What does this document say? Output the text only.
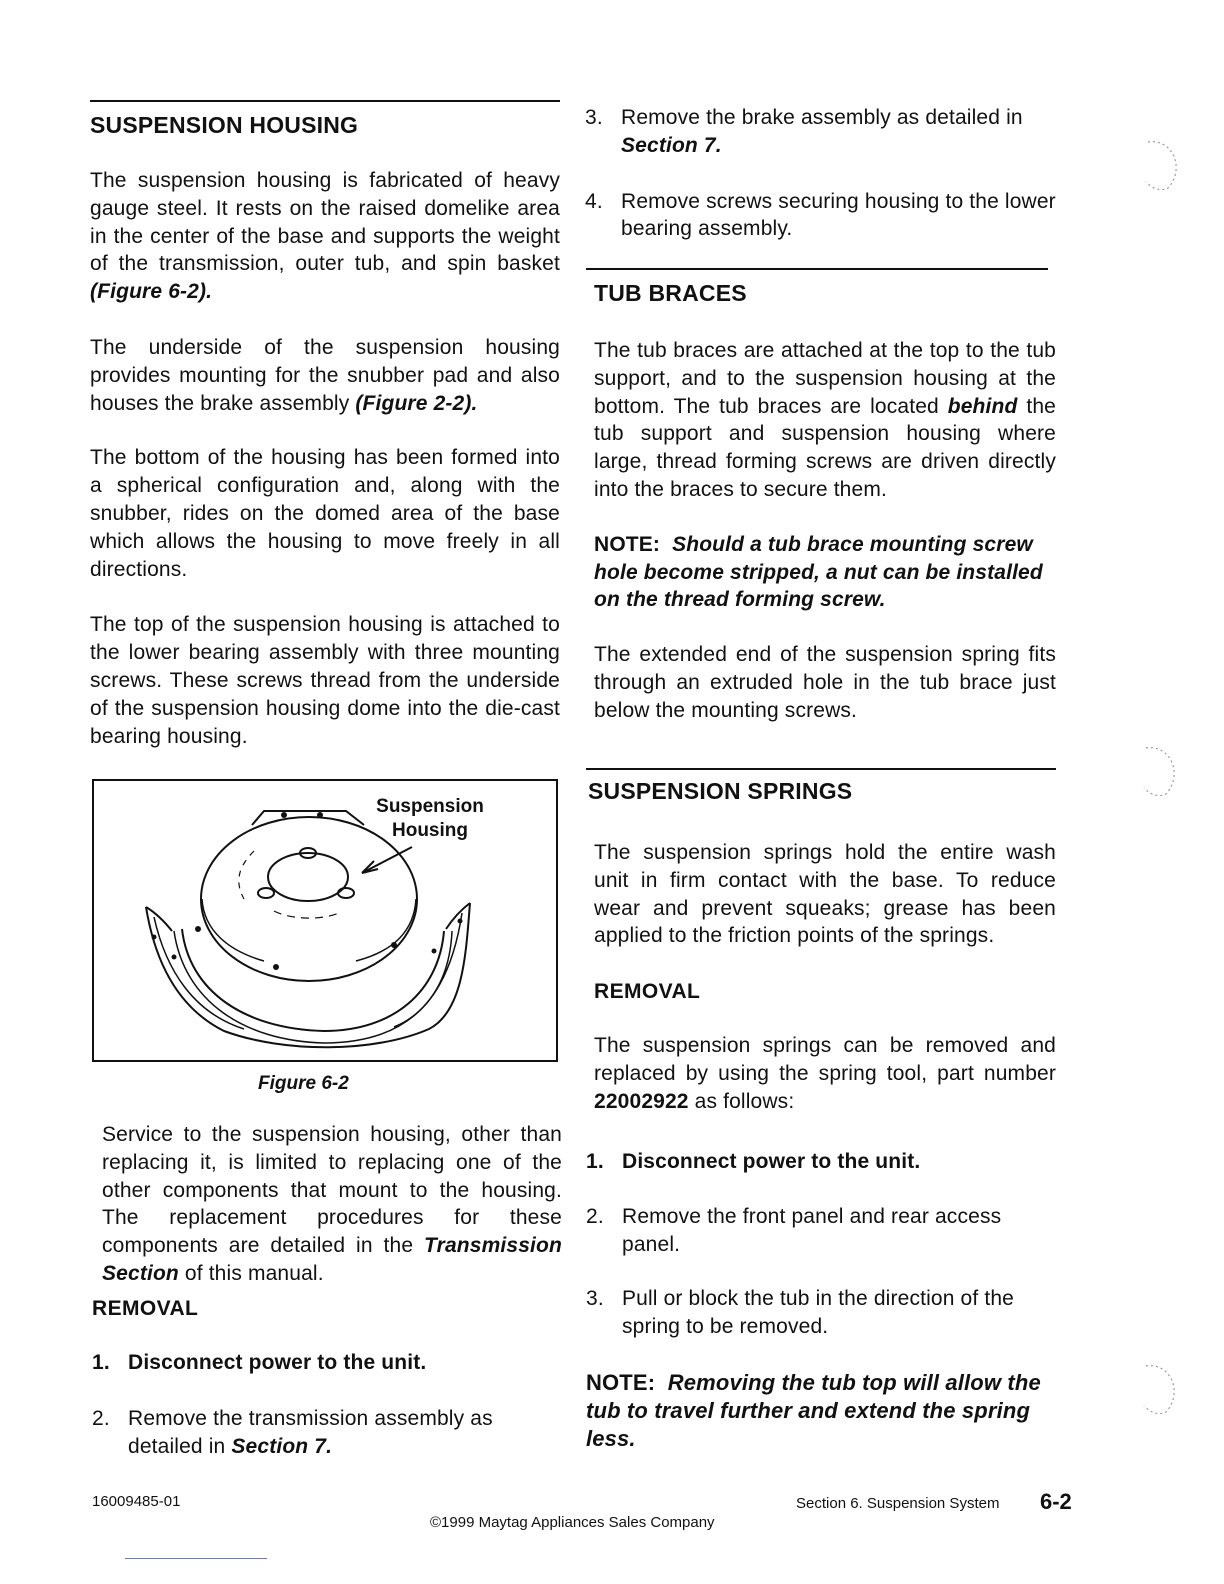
SUSPENSION HOUSING

The suspension housing is fabricated of heavy gauge steel. It rests on the raised domelike area in the center of the base and supports the weight of the transmission, outer tub, and spin basket (Figure 6-2).

The underside of the suspension housing provides mounting for the snubber pad and also houses the brake assembly (Figure 2-2).

The bottom of the housing has been formed into a spherical configuration and, along with the snubber, rides on the domed area of the base which allows the housing to move freely in all directions.

The top of the suspension housing is attached to the lower bearing assembly with three mounting screws. These screws thread from the underside of the suspension housing dome into the die-cast bearing housing.

Suspension Housing
Figure 6-2

Service to the suspension housing, other than replacing it, is limited to replacing one of the other components that mount to the housing. The replacement procedures for these components are detailed in the Transmission Section of this manual.

REMOVAL
1. Disconnect power to the unit.
2. Remove the transmission assembly as detailed in Section 7.
3. Remove the brake assembly as detailed in Section 7.
4. Remove screws securing housing to the lower bearing assembly.
TUB BRACES

The tub braces are attached at the top to the tub support, and to the suspension housing at the bottom. The tub braces are located behind the tub support and suspension housing where large, thread forming screws are driven directly into the braces to secure them.

NOTE: Should a tub brace mounting screw hole become stripped, a nut can be installed on the thread forming screw.

The extended end of the suspension spring fits through an extruded hole in the tub brace just below the mounting screws.

SUSPENSION SPRINGS

The suspension springs hold the entire wash unit in firm contact with the base. To reduce wear and prevent squeaks; grease has been applied to the friction points of the springs.

REMOVAL

The suspension springs can be removed and replaced by using the spring tool, part number 22002922 as follows:

1. Disconnect power to the unit.
2. Remove the front panel and rear access panel.
3. Pull or block the tub in the direction of the spring to be removed.

NOTE: Removing the tub top will allow the tub to travel further and extend the spring less.

16009485-01
©1999 Maytag Appliances Sales Company
Section 6. Suspension System 6-2
